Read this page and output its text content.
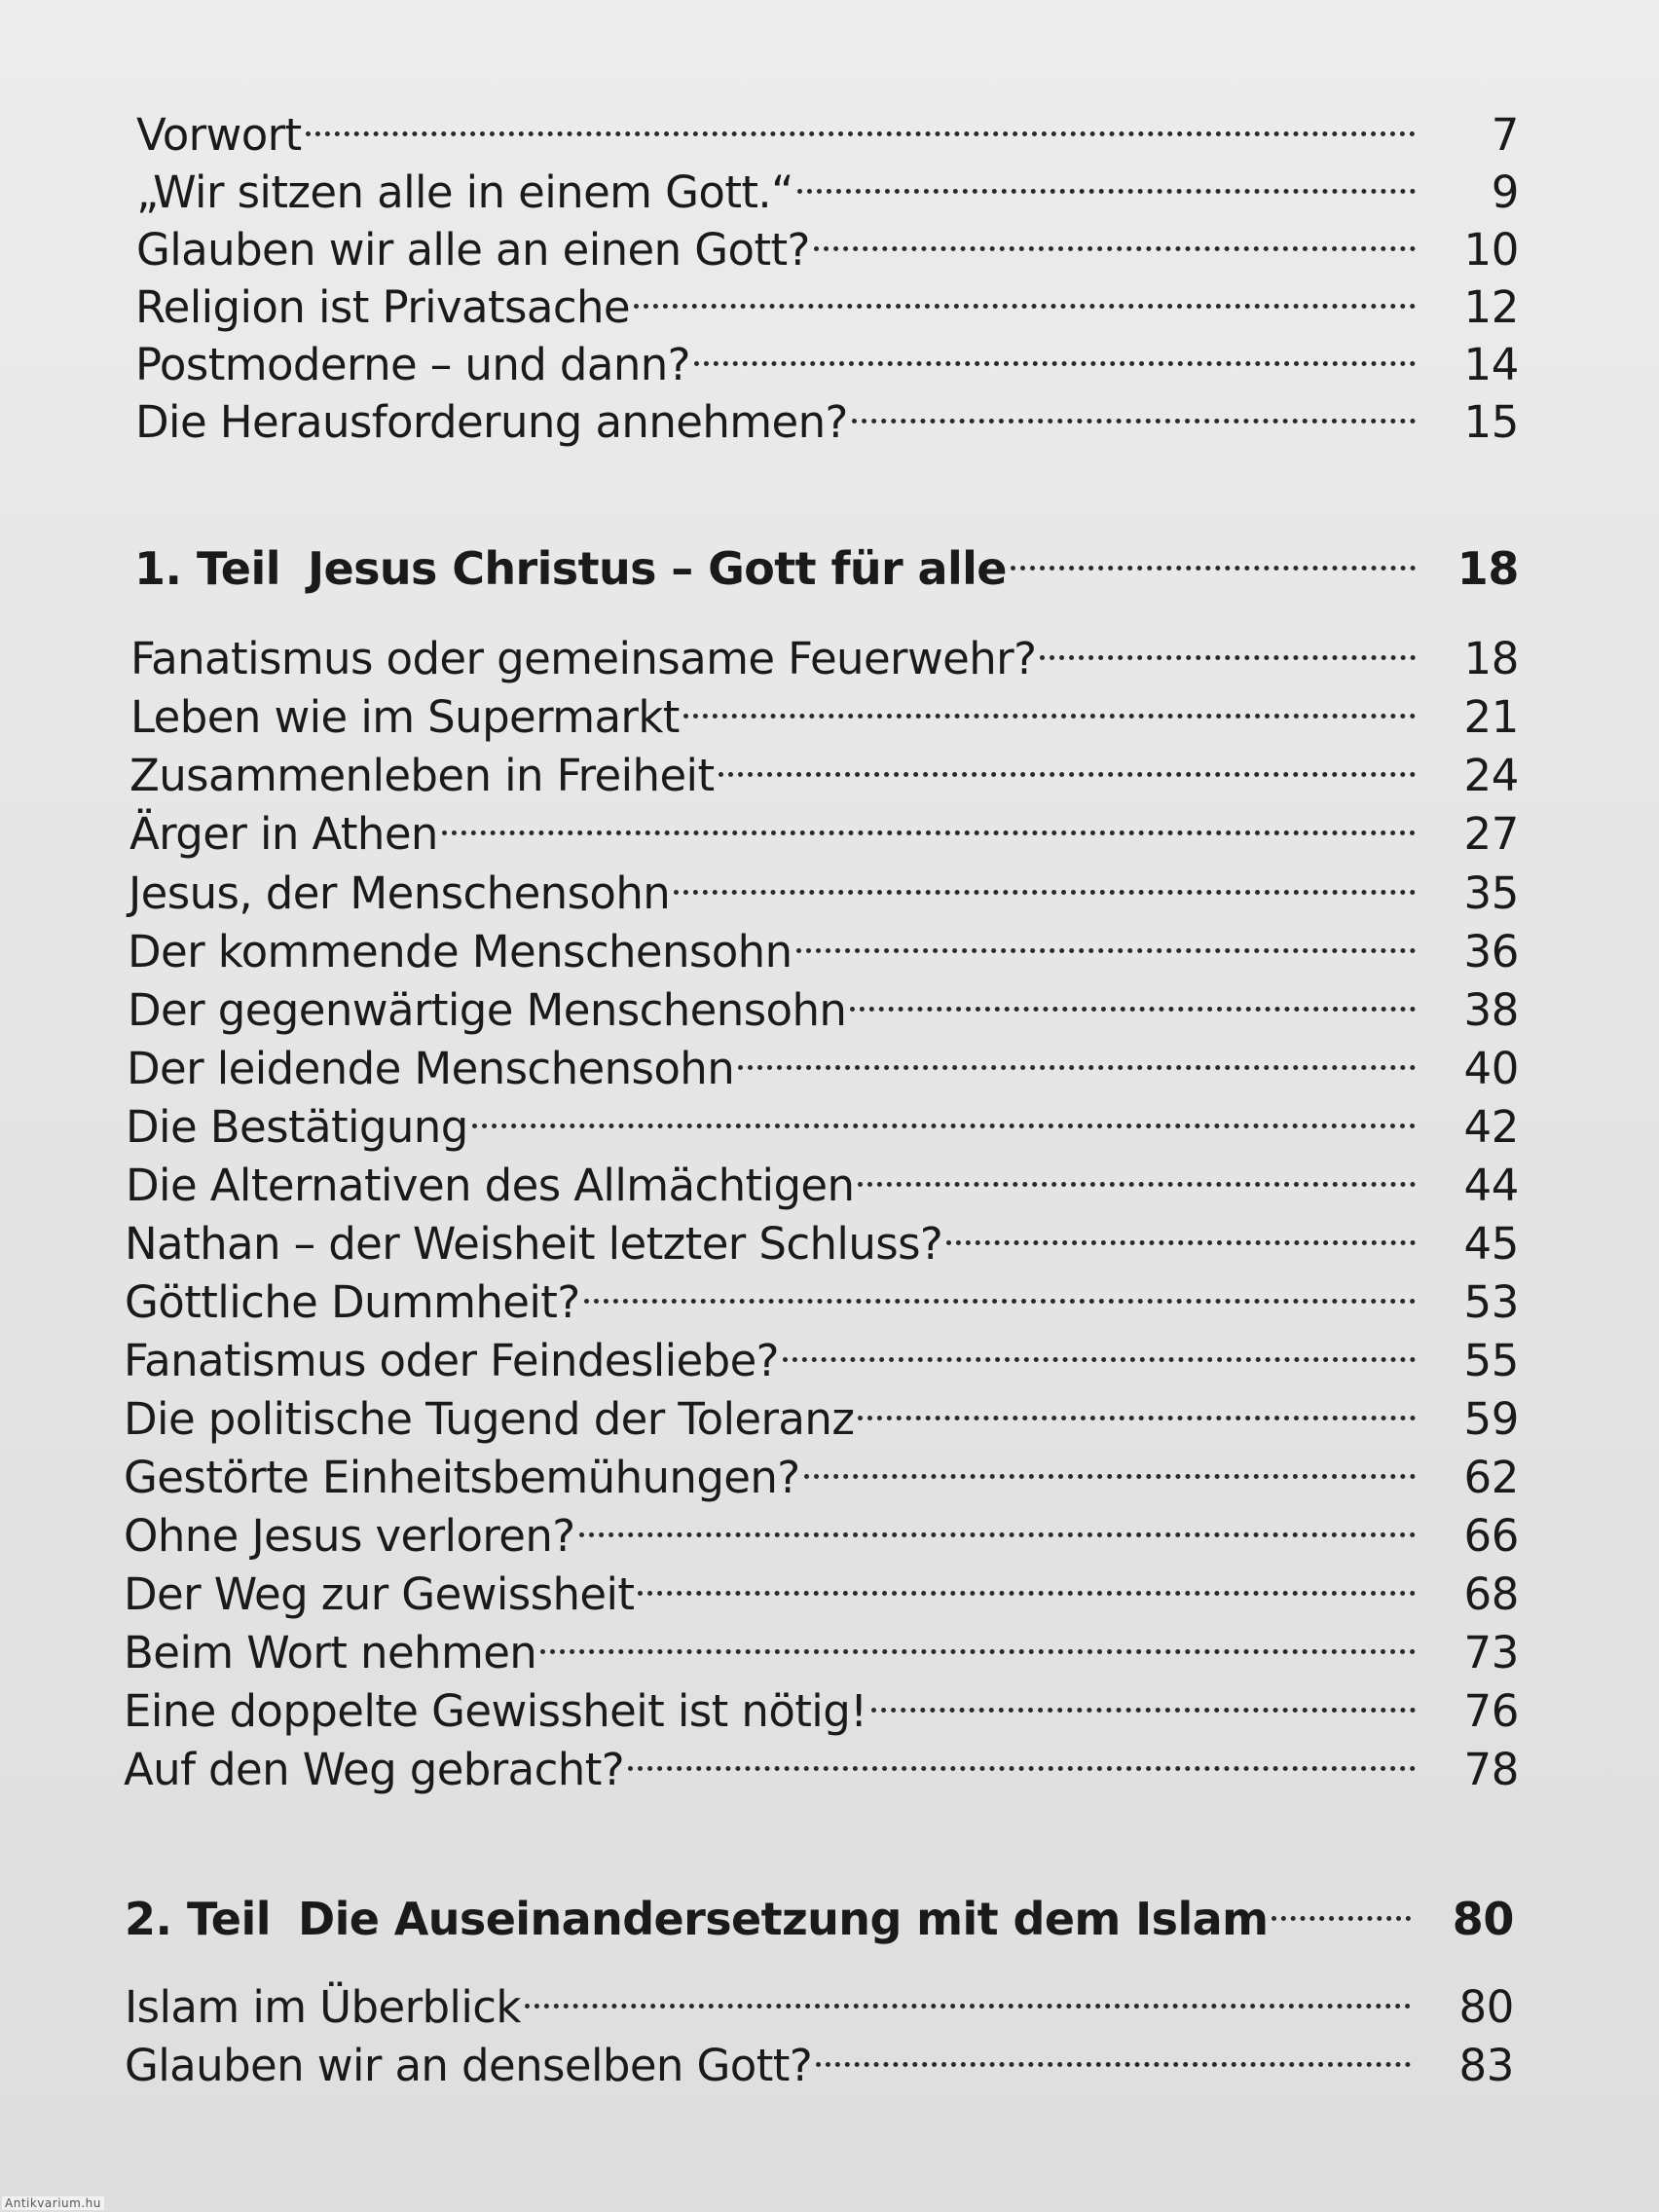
Vorwort	7
„Wir sitzen alle in einem Gott.“	9
Glauben wir alle an einen Gott?	10
Religion ist Privatsache	12
Postmoderne – und dann?	14
Die Herausforderung annehmen?	15
1. Teil Jesus Christus – Gott für alle	18
Fanatismus oder gemeinsame Feuerwehr?	18
Leben wie im Supermarkt	21
Zusammenleben in Freiheit	24
Ärger in Athen	27
Jesus, der Menschensohn	35
Der kommende Menschensohn	36
Der gegenwärtige Menschensohn	38
Der leidende Menschensohn	40
Die Bestätigung	42
Die Alternativen des Allmächtigen	44
Nathan – der Weisheit letzter Schluss?	45
Göttliche Dummheit?	53
Fanatismus oder Feindesliebe?	55
Die politische Tugend der Toleranz	59
Gestörte Einheitsbemühungen?	62
Ohne Jesus verloren?	66
Der Weg zur Gewissheit	68
Beim Wort nehmen	73
Eine doppelte Gewissheit ist nötig!	76
Auf den Weg gebracht?	78
2. Teil Die Auseinandersetzung mit dem Islam	80
Islam im Überblick	80
Glauben wir an denselben Gott?	83
Antikvarium.hu
